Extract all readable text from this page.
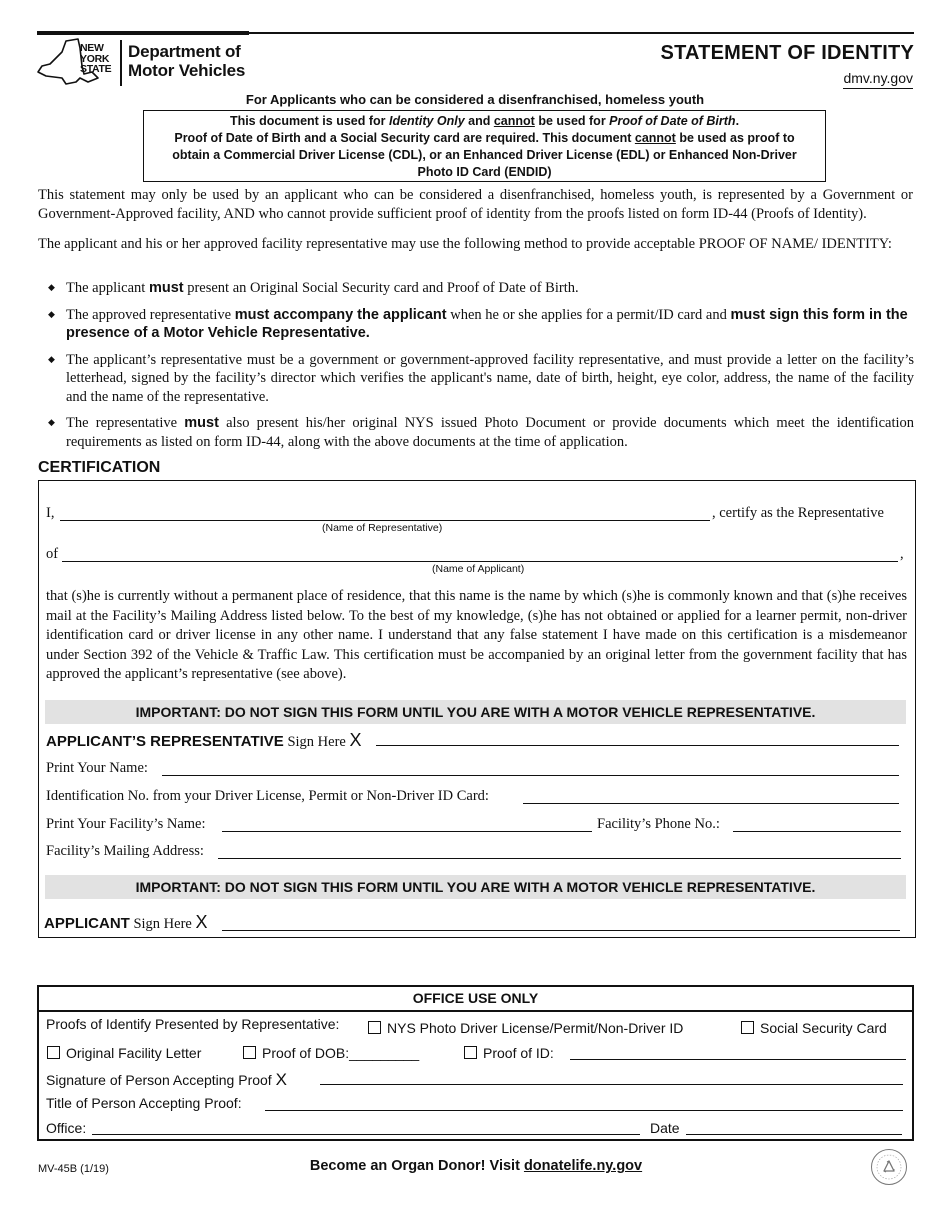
NEW
YORK
STATE
Department of
Motor Vehicles
STATEMENT OF IDENTITY
dmv.ny.gov
For Applicants who can be considered a disenfranchised, homeless youth
This document is used for Identity Only and cannot be used for Proof of Date of Birth.
Proof of Date of Birth and a Social Security card are required. This document cannot be used as proof to
obtain a Commercial Driver License (CDL), or an Enhanced Driver License (EDL) or Enhanced Non-Driver
Photo ID Card (ENDID)
This statement may only be used by an applicant who can be considered a disenfranchised, homeless youth, is represented by a Government or Government-Approved facility, AND who cannot provide sufficient proof of identity from the proofs listed on form ID-44 (Proofs of Identity).
The applicant and his or her approved facility representative may use the following method to provide acceptable PROOF OF NAME/ IDENTITY:
◆ The applicant must present an Original Social Security card and Proof of Date of Birth.
◆ The approved representative must accompany the applicant when he or she applies for a permit/ID card and must sign this form in the presence of a Motor Vehicle Representative.
◆ The applicant’s representative must be a government or government-approved facility representative, and must provide a letter on the facility’s letterhead, signed by the facility’s director which verifies the applicant's name, date of birth, height, eye color, address, the name of the facility and the name of the representative.
◆ The representative must also present his/her original NYS issued Photo Document or provide documents which meet the identification requirements as listed on form ID-44, along with the above documents at the time of application.
CERTIFICATION
I,	, certify as the Representative
(Name of Representative)
of	,
(Name of Applicant)
that (s)he is currently without a permanent place of residence, that this name is the name by which (s)he is commonly known and that (s)he receives mail at the Facility’s Mailing Address listed below. To the best of my knowledge, (s)he has not obtained or applied for a learner permit, non-driver identification card or driver license in any other name. I understand that any false statement I have made on this certification is a misdemeanor under Section 392 of the Vehicle & Traffic Law. This certification must be accompanied by an original letter from the government facility that has approved the applicant’s representative (see above).
IMPORTANT: DO NOT SIGN THIS FORM UNTIL YOU ARE WITH A MOTOR VEHICLE REPRESENTATIVE.
APPLICANT’S REPRESENTATIVE Sign Here X
Print Your Name:
Identification No. from your Driver License, Permit or Non-Driver ID Card:
Print Your Facility’s Name:	Facility’s Phone No.:
Facility’s Mailing Address:
IMPORTANT: DO NOT SIGN THIS FORM UNTIL YOU ARE WITH A MOTOR VEHICLE REPRESENTATIVE.
APPLICANT Sign Here X
OFFICE USE ONLY
Proofs of Identify Presented by Representative:	NYS Photo Driver License/Permit/Non-Driver ID	Social Security Card
Original Facility Letter	Proof of DOB:_________	Proof of ID:
Signature of Person Accepting Proof X
Title of Person Accepting Proof:
Office:	Date
MV-45B (1/19)	Become an Organ Donor! Visit donatelife.ny.gov
